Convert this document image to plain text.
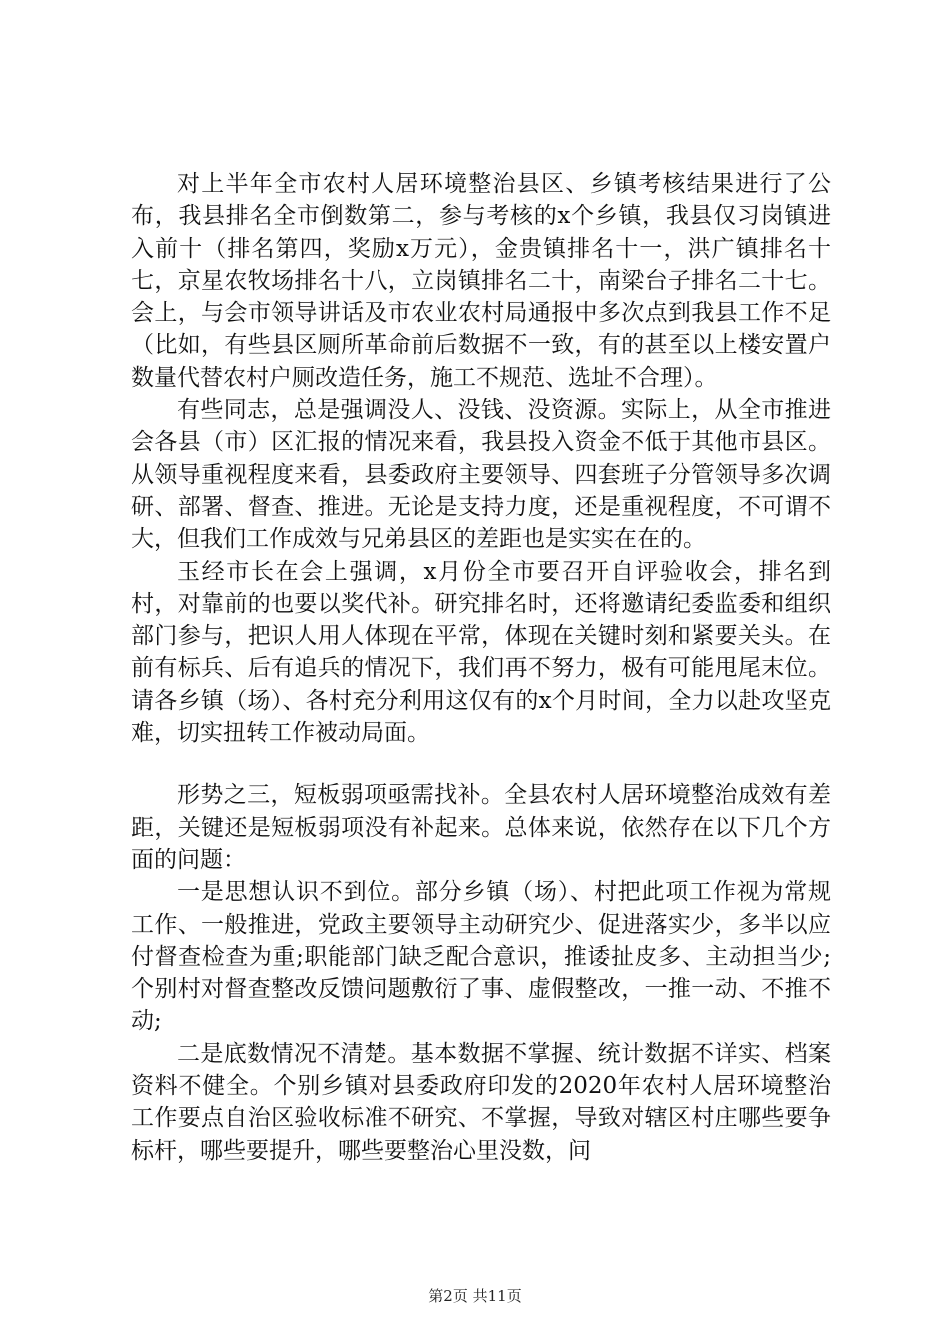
对上半年全市农村人居环境整治县区、乡镇考核结果进行了公布，我县排名全市倒数第二，参与考核的x个乡镇，我县仅习岗镇进入前十（排名第四，奖励x万元），金贵镇排名十一，洪广镇排名十七，京星农牧场排名十八，立岗镇排名二十，南梁台子排名二十七。会上，与会市领导讲话及市农业农村局通报中多次点到我县工作不足（比如，有些县区厕所革命前后数据不一致，有的甚至以上楼安置户数量代替农村户厕改造任务，施工不规范、选址不合理）。

有些同志，总是强调没人、没钱、没资源。实际上，从全市推进会各县（市）区汇报的情况来看，我县投入资金不低于其他市县区。从领导重视程度来看，县委政府主要领导、四套班子分管领导多次调研、部署、督查、推进。无论是支持力度，还是重视程度，不可谓不大，但我们工作成效与兄弟县区的差距也是实实在在的。

玉经市长在会上强调，x月份全市要召开自评验收会，排名到村，对靠前的也要以奖代补。研究排名时，还将邀请纪委监委和组织部门参与，把识人用人体现在平常，体现在关键时刻和紧要关头。在前有标兵、后有追兵的情况下，我们再不努力，极有可能甩尾末位。请各乡镇（场）、各村充分利用这仅有的x个月时间，全力以赴攻坚克难，切实扭转工作被动局面。

形势之三，短板弱项亟需找补。全县农村人居环境整治成效有差距，关键还是短板弱项没有补起来。总体来说，依然存在以下几个方面的问题：

一是思想认识不到位。部分乡镇（场）、村把此项工作视为常规工作、一般推进，党政主要领导主动研究少、促进落实少，多半以应付督查检查为重;职能部门缺乏配合意识，推诿扯皮多、主动担当少;个别村对督查整改反馈问题敷衍了事、虚假整改，一推一动、不推不动;

二是底数情况不清楚。基本数据不掌握、统计数据不详实、档案资料不健全。个别乡镇对县委政府印发的2020年农村人居环境整治工作要点自治区验收标准不研究、不掌握，导致对辖区村庄哪些要争标杆，哪些要提升，哪些要整治心里没数，问

第2页 共11页
